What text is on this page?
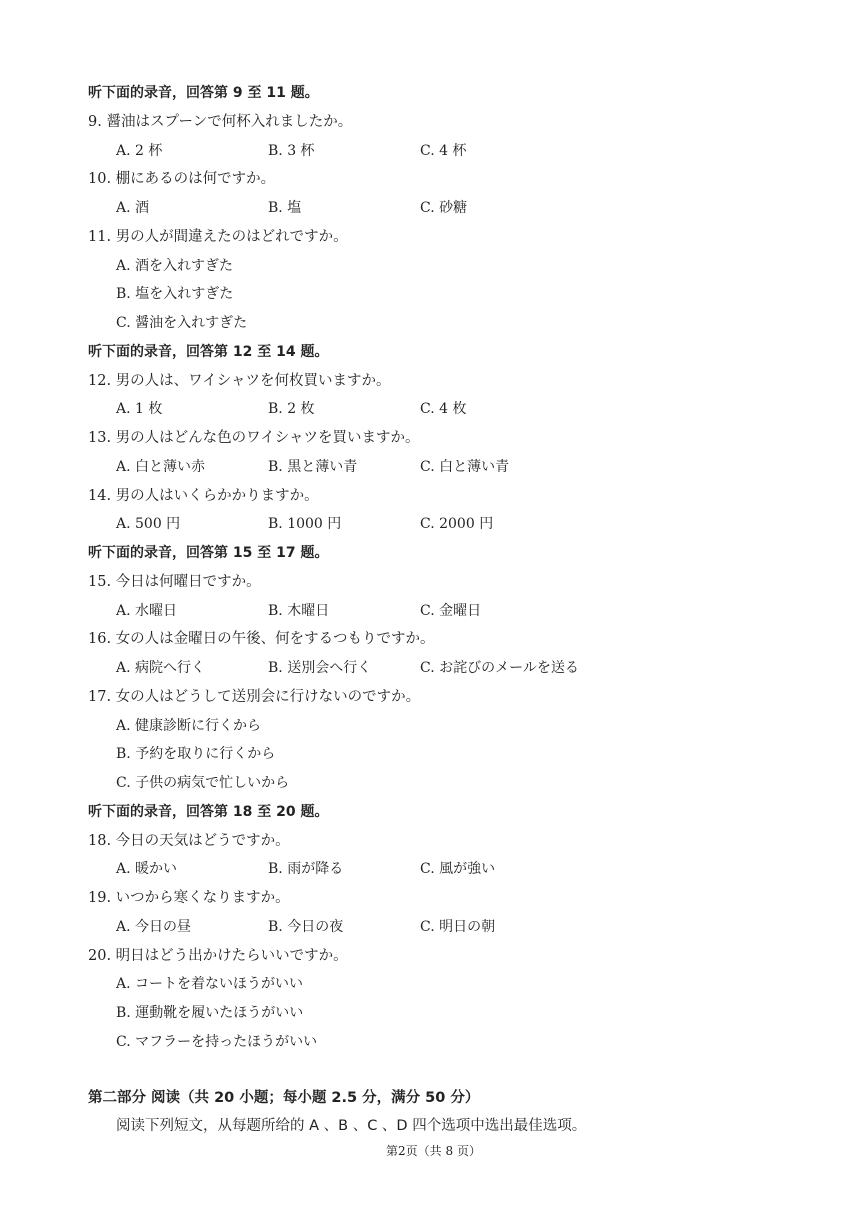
听下面的录音，回答第 9 至 11 题。
9. 醤油はスプーンで何杯入れましたか。
A. 2 杯	B. 3 杯	C. 4 杯
10. 棚にあるのは何ですか。
A. 酒	B. 塩	C. 砂糖
11. 男の人が間違えたのはどれですか。
A. 酒を入れすぎた
B. 塩を入れすぎた
C. 醤油を入れすぎた
听下面的录音，回答第 12 至 14 题。
12. 男の人は、ワイシャツを何枚買いますか。
A. 1 枚	B. 2 枚	C. 4 枚
13. 男の人はどんな色のワイシャツを買いますか。
A. 白と薄い赤	B. 黒と薄い青	C. 白と薄い青
14. 男の人はいくらかかりますか。
A. 500 円	B. 1000 円	C. 2000 円
听下面的录音，回答第 15 至 17 题。
15. 今日は何曜日ですか。
A. 水曜日	B. 木曜日	C. 金曜日
16. 女の人は金曜日の午後、何をするつもりですか。
A. 病院へ行く	B. 送別会へ行く	C. お詫びのメールを送る
17. 女の人はどうして送別会に行けないのですか。
A. 健康診断に行くから
B. 予約を取りに行くから
C. 子供の病気で忙しいから
听下面的录音，回答第 18 至 20 题。
18. 今日の天気はどうですか。
A. 暖かい	B. 雨が降る	C. 風が強い
19. いつから寒くなりますか。
A. 今日の昼	B. 今日の夜	C. 明日の朝
20. 明日はどう出かけたらいいですか。
A. コートを着ないほうがいい
B. 運動靴を履いたほうがいい
C. マフラーを持ったほうがいい
第二部分 阅读（共 20 小题；每小题 2.5 分，满分 50 分）
阅读下列短文，从每题所给的 A 、B 、C 、D 四个选项中选出最佳选项。
第2页（共 8 页）
